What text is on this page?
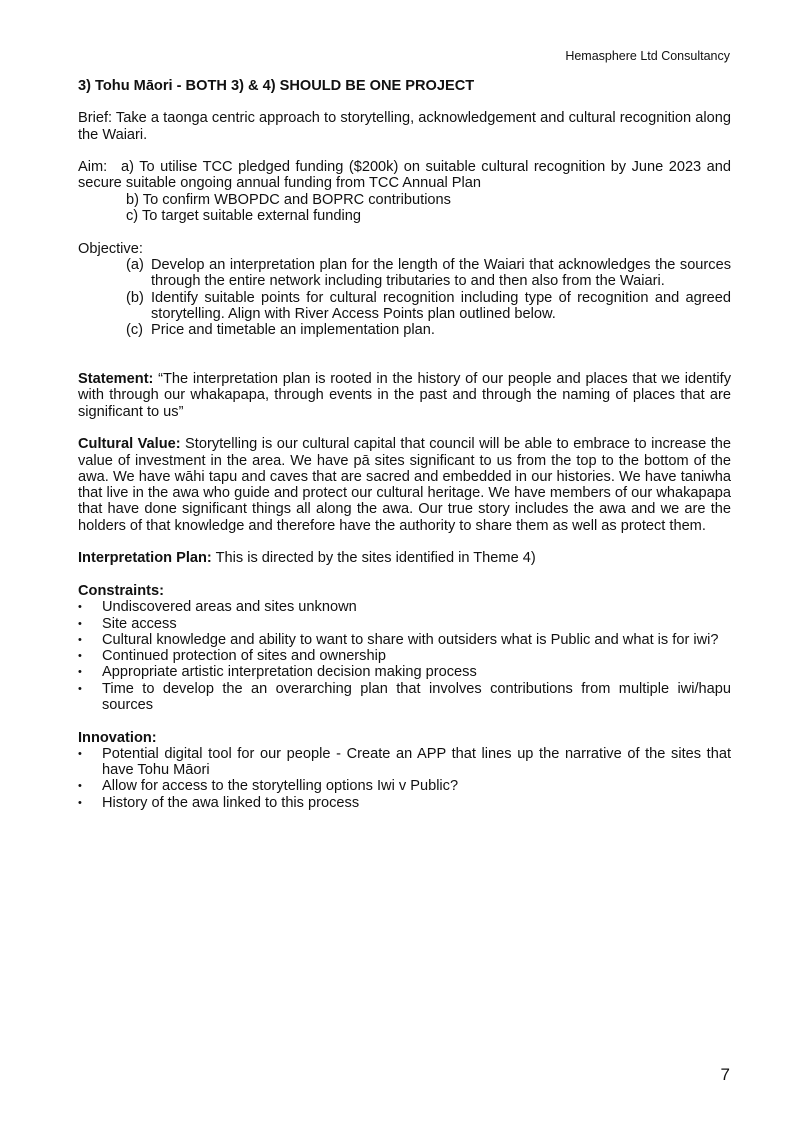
Hemasphere Ltd Consultancy
3) Tohu Māori - BOTH 3) & 4) SHOULD BE ONE PROJECT

Brief: Take a taonga centric approach to storytelling, acknowledgement and cultural recognition along the Waiari.

Aim: a) To utilise TCC pledged funding ($200k) on suitable cultural recognition by June 2023 and secure suitable ongoing annual funding from TCC Annual Plan

b) To confirm WBOPDC and BOPRC contributions

c) To target suitable external funding

Objective:

(a) Develop an interpretation plan for the length of the Waiari that acknowledges the sources through the entire network including tributaries to and then also from the Waiari.
(b) Identify suitable points for cultural recognition including type of recognition and agreed storytelling. Align with River Access Points plan outlined below.
(c) Price and timetable an implementation plan.

Statement: “The interpretation plan is rooted in the history of our people and places that we identify with through our whakapapa, through events in the past and through the naming of places that are significant to us”

Cultural Value: Storytelling is our cultural capital that council will be able to embrace to increase the value of investment in the area. We have pā sites significant to us from the top to the bottom of the awa. We have wāhi tapu and caves that are sacred and embedded in our histories. We have taniwha that live in the awa who guide and protect our cultural heritage. We have members of our whakapapa that have done significant things all along the awa. Our true story includes the awa and we are the holders of that knowledge and therefore have the authority to share them as well as protect them.

Interpretation Plan: This is directed by the sites identified in Theme 4)

Constraints:

•	Undiscovered areas and sites unknown
•	Site access
•	Cultural knowledge and ability to want to share with outsiders what is Public and what is for iwi?
•	Continued protection of sites and ownership
•	Appropriate artistic interpretation decision making process
•	Time to develop the an overarching plan that involves contributions from multiple iwi/hapu sources

Innovation:

•	Potential digital tool for our people - Create an APP that lines up the narrative of the sites that have Tohu Māori
•	Allow for access to the storytelling options Iwi v Public?
•	History of the awa linked to this process
7
